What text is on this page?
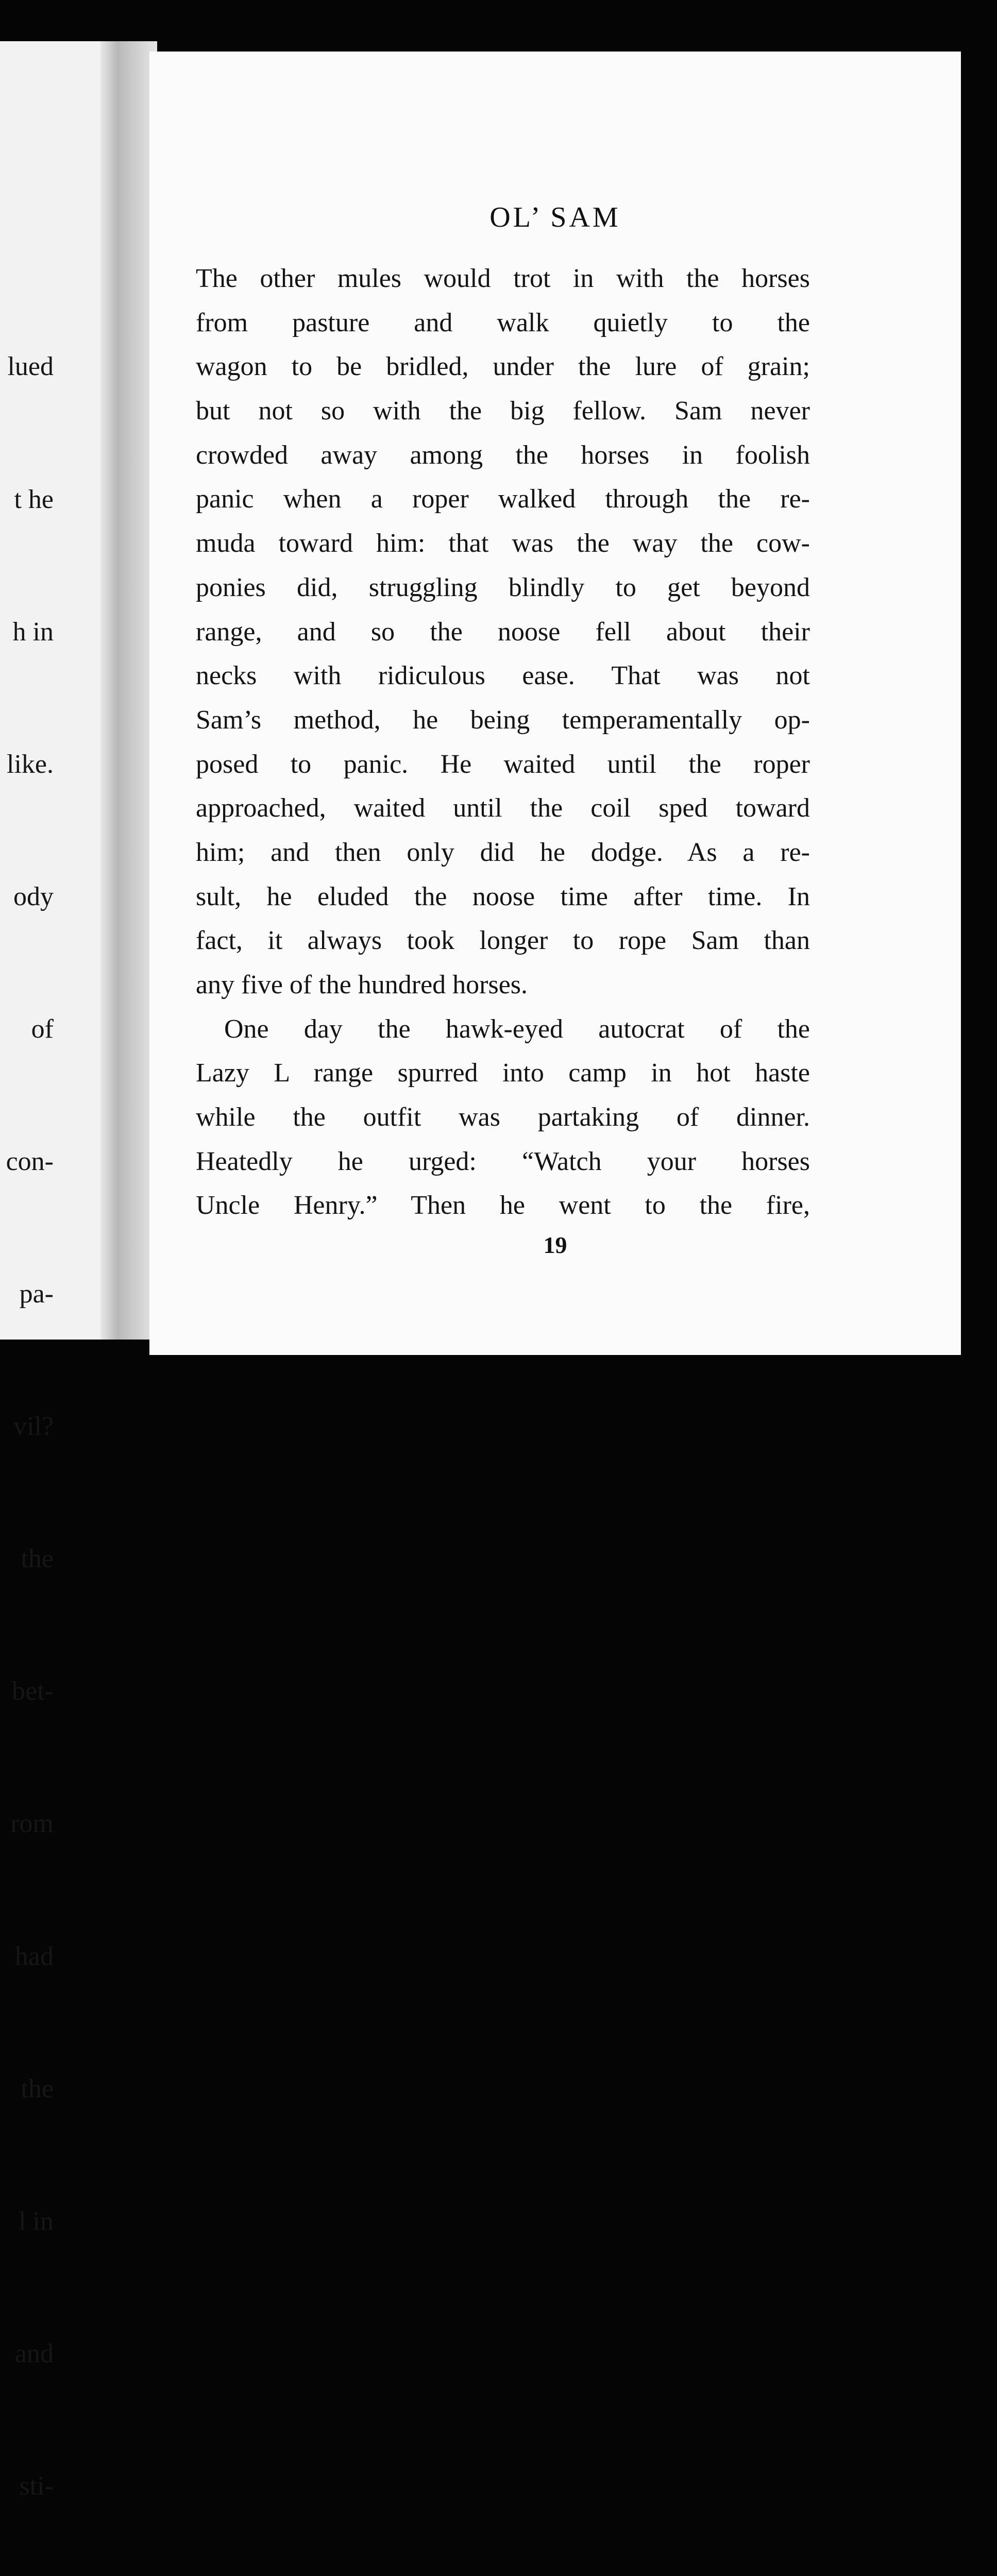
lued

t he

h in

like.

ody

of

con-

pa-

vil?

the

bet-

rom

had

the

l in

and

sti-

OL’ SAM
The other mules would trot in with the horses
from pasture and walk quietly to the
wagon to be bridled, under the lure of grain;
but not so with the big fellow. Sam never
crowded away among the horses in foolish
panic when a roper walked through the re-
muda toward him: that was the way the cow-
ponies did, struggling blindly to get beyond
range, and so the noose fell about their
necks with ridiculous ease. That was not
Sam’s method, he being temperamentally op-
posed to panic. He waited until the roper
approached, waited until the coil sped toward
him; and then only did he dodge. As a re-
sult, he eluded the noose time after time. In
fact, it always took longer to rope Sam than
any five of the hundred horses.
One day the hawk-eyed autocrat of the
Lazy L range spurred into camp in hot haste
while the outfit was partaking of dinner.
Heatedly he urged: “Watch your horses
Uncle Henry.” Then he went to the fire,
19
